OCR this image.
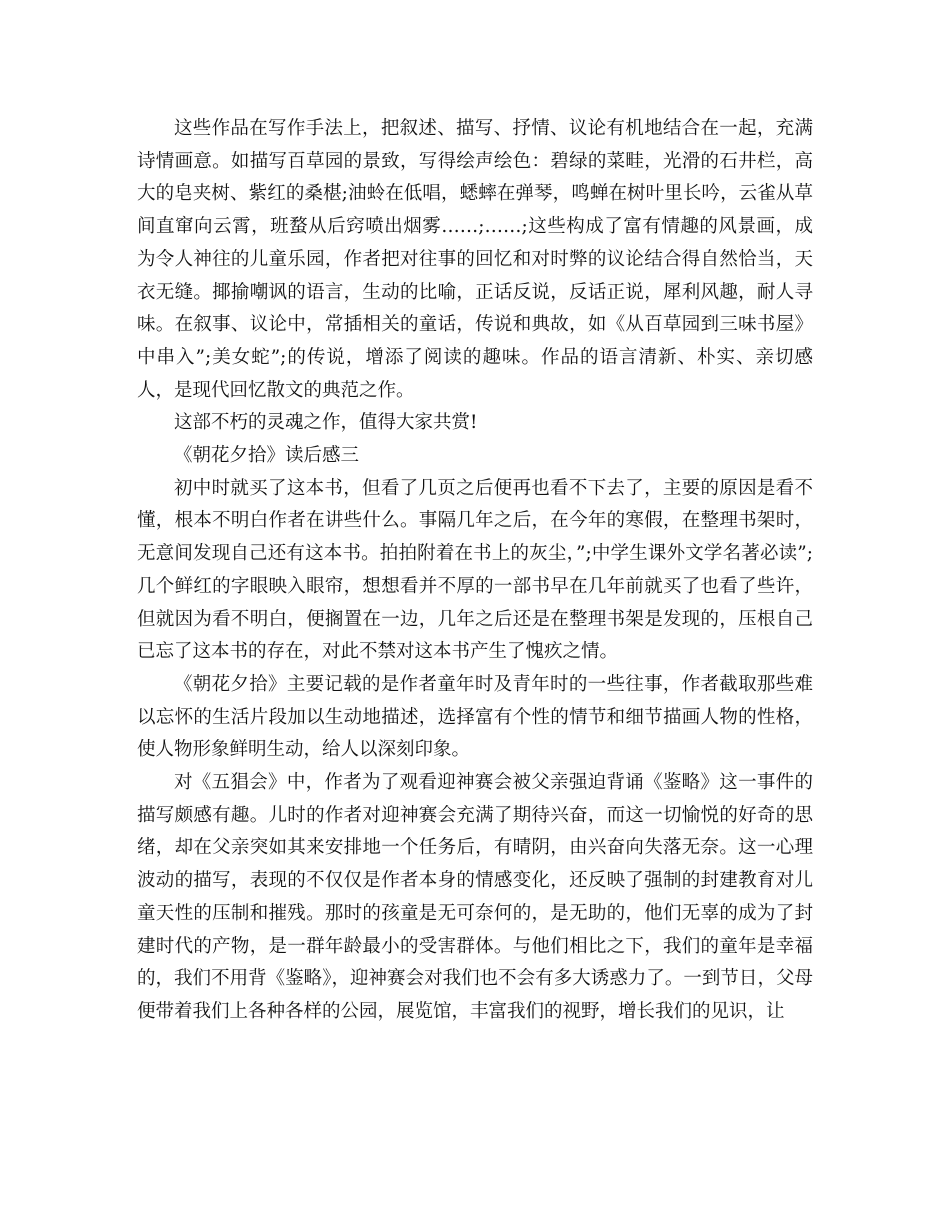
这些作品在写作手法上，把叙述、描写、抒情、议论有机地结合在一起，充满诗情画意。如描写百草园的景致，写得绘声绘色：碧绿的菜畦，光滑的石井栏，高大的皂夹树、紫红的桑椹;油蛉在低唱，蟋蟀在弹琴，鸣蝉在树叶里长吟，云雀从草间直窜向云霄，班蝥从后窍喷出烟雾……;……;这些构成了富有情趣的风景画，成为令人神往的儿童乐园，作者把对往事的回忆和对时弊的议论结合得自然恰当，天衣无缝。揶揄嘲讽的语言，生动的比喻，正话反说，反话正说，犀利风趣，耐人寻味。在叙事、议论中，常插相关的童话，传说和典故，如《从百草园到三味书屋》中串入”;美女蛇”;的传说，增添了阅读的趣味。作品的语言清新、朴实、亲切感人，是现代回忆散文的典范之作。

这部不朽的灵魂之作，值得大家共赏!

《朝花夕拾》读后感三

初中时就买了这本书，但看了几页之后便再也看不下去了，主要的原因是看不懂，根本不明白作者在讲些什么。事隔几年之后，在今年的寒假，在整理书架时，无意间发现自己还有这本书。拍拍附着在书上的灰尘，”;中学生课外文学名著必读”;几个鲜红的字眼映入眼帘，想想看并不厚的一部书早在几年前就买了也看了些许，但就因为看不明白，便搁置在一边，几年之后还是在整理书架是发现的，压根自己已忘了这本书的存在，对此不禁对这本书产生了愧疚之情。

《朝花夕拾》主要记载的是作者童年时及青年时的一些往事，作者截取那些难以忘怀的生活片段加以生动地描述，选择富有个性的情节和细节描画人物的性格，使人物形象鲜明生动，给人以深刻印象。

对《五猖会》中，作者为了观看迎神赛会被父亲强迫背诵《鉴略》这一事件的描写颇感有趣。儿时的作者对迎神赛会充满了期待兴奋，而这一切愉悦的好奇的思绪，却在父亲突如其来安排地一个任务后，有晴阴，由兴奋向失落无奈。这一心理波动的描写，表现的不仅仅是作者本身的情感变化，还反映了强制的封建教育对儿童天性的压制和摧残。那时的孩童是无可奈何的，是无助的，他们无辜的成为了封建时代的产物，是一群年龄最小的受害群体。与他们相比之下，我们的童年是幸福的，我们不用背《鉴略》，迎神赛会对我们也不会有多大诱惑力了。一到节日，父母便带着我们上各种各样的公园，展览馆，丰富我们的视野，增长我们的见识，让
